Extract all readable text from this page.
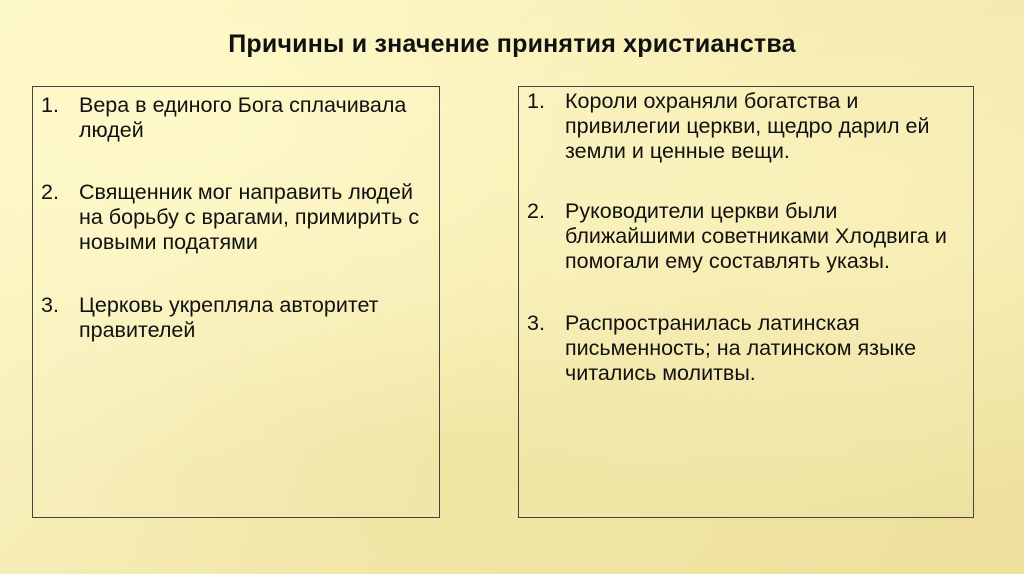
Причины и значение принятия христианства
1. Вера в единого Бога сплачивала людей
2. Священник мог направить людей на борьбу с врагами, примирить с новыми податями
3. Церковь укрепляла авторитет правителей
1. Короли охраняли богатства и привилегии церкви, щедро дарил ей земли и ценные вещи.
2. Руководители церкви были ближайшими советниками Хлодвига и помогали ему составлять указы.
3. Распространилась латинская письменность; на латинском языке читались молитвы.
